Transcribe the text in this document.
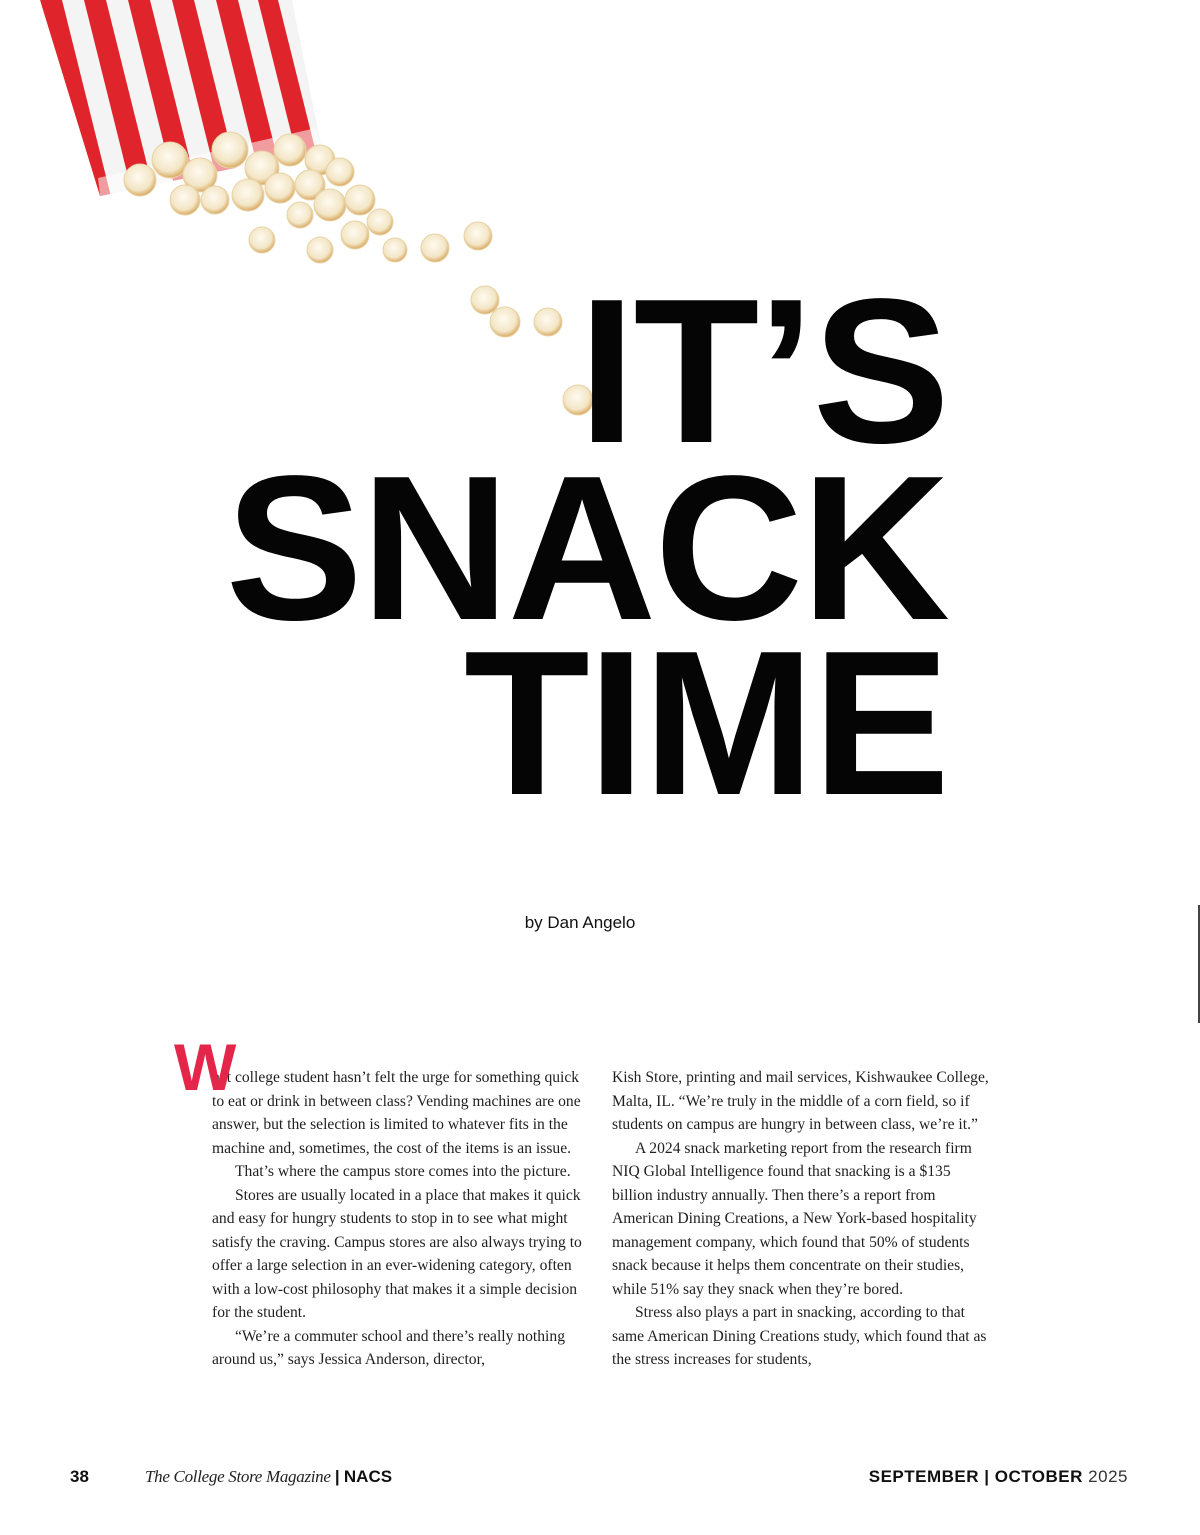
IT’S
SNACK
TIME
by Dan Angelo
W

hat college student hasn’t felt the urge for something quick to eat or drink in between class? Vending machines are one answer, but the selection is limited to whatever fits in the machine and, sometimes, the cost of the items is an issue.

That’s where the campus store comes into the picture.

Stores are usually located in a place that makes it quick and easy for hungry students to stop in to see what might satisfy the craving. Campus stores are also always trying to offer a large selection in an ever-widening category, often with a low-cost philosophy that makes it a simple decision for the student.

“We’re a commuter school and there’s really nothing around us,” says Jessica Anderson, director,

Kish Store, printing and mail services, Kishwaukee College, Malta, IL. “We’re truly in the middle of a corn field, so if students on campus are hungry in between class, we’re it.”

A 2024 snack marketing report from the research firm NIQ Global Intelligence found that snacking is a $135 billion industry annually. Then there’s a report from American Dining Creations, a New York-based hospitality management company, which found that 50% of students snack because it helps them concentrate on their studies, while 51% say they snack when they’re bored.

Stress also plays a part in snacking, according to that same American Dining Creations study, which found that as the stress increases for students,

38	The College Store Magazine | NACS	SEPTEMBER | OCTOBER 2025
